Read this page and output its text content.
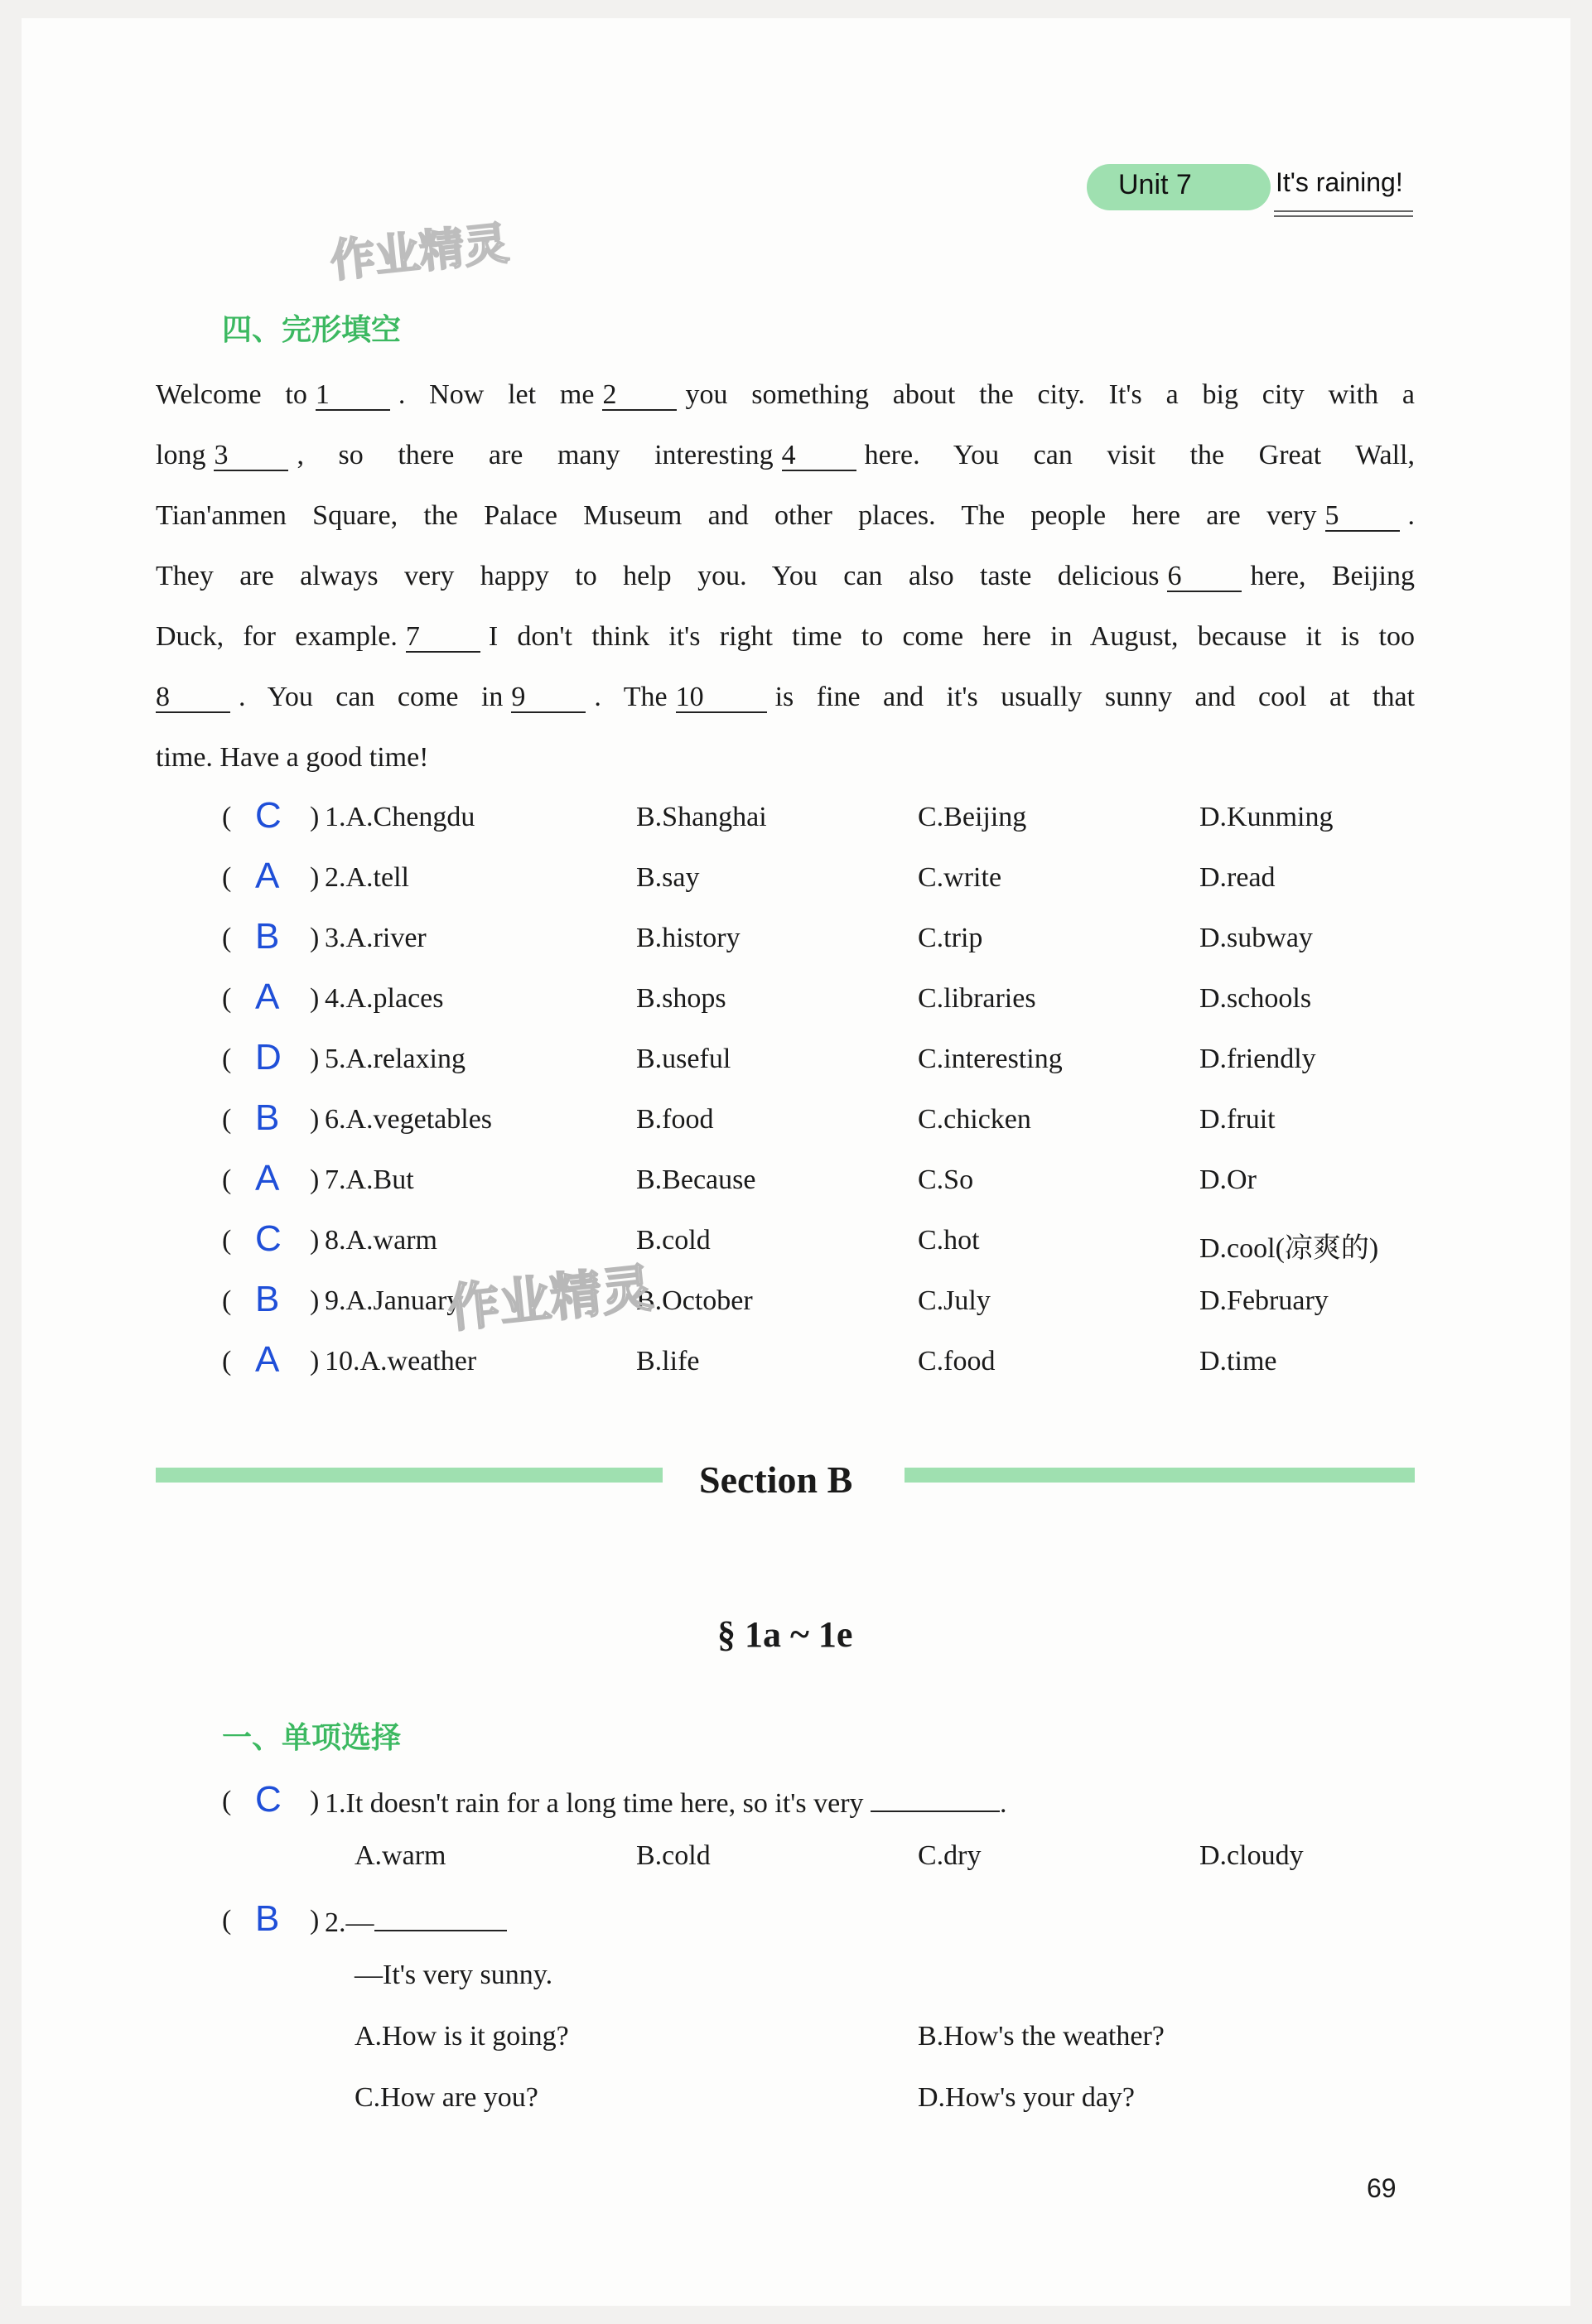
Unit 7	It's raining!
作业精灵
四、完形填空
Welcome to 1 . Now let me 2 you something about the city. It's a big city with a
long 3 , so there are many interesting 4 here. You can visit the Great Wall,
Tian'anmen Square, the Palace Museum and other places. The people here are very 5 .
They are always very happy to help you. You can also taste delicious 6 here, Beijing
Duck, for example. 7 I don't think it's right time to come here in August, because it is too
8 . You can come in 9 . The 10	is fine and it's usually sunny and cool at that
time. Have a good time!
( C ) 1.A.Chengdu	B.Shanghai	C.Beijing	D.Kunming
( A ) 2.A.tell	B.say	C.write	D.read
( B ) 3.A.river	B.history	C.trip	D.subway
( A ) 4.A.places	B.shops	C.libraries	D.schools
( D ) 5.A.relaxing	B.useful	C.interesting	D.friendly
( B ) 6.A.vegetables	B.food	C.chicken	D.fruit
( A ) 7.A.But	B.Because	C.So	D.Or
( C ) 8.A.warm	B.cold	C.hot	D.cool(凉爽的)
( B ) 9.A.January	B.October	C.July	D.February
( A ) 10.A.weather	B.life	C.food	D.time
作业精灵
Section B
§ 1a ~ 1e
一、单项选择
( C ) 1.It doesn't rain for a long time here, so it's very	.
A.warm	B.cold	C.dry	D.cloudy
( B ) 2.—
—It's very sunny.
A.How is it going?	B.How's the weather?
C.How are you?	D.How's your day?
69
